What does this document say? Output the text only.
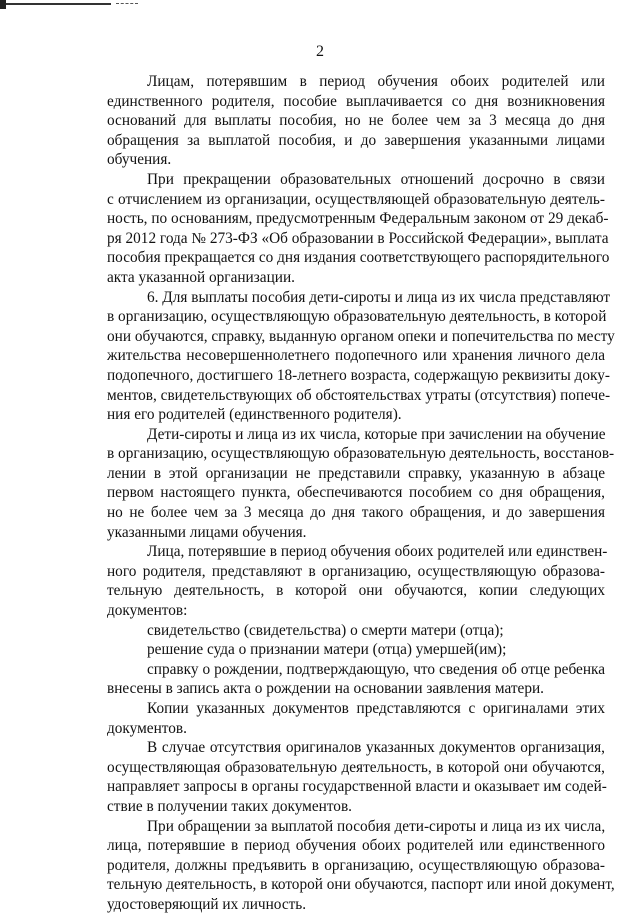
2
Лицам, потерявшим в период обучения обоих родителей или
единственного родителя, пособие выплачивается со дня возникновения
оснований для выплаты пособия, но не более чем за 3 месяца до дня
обращения за выплатой пособия, и до завершения указанными лицами
обучения.
При прекращении образовательных отношений досрочно в связи
с отчислением из организации, осуществляющей образовательную деятель-
ность, по основаниям, предусмотренным Федеральным законом от 29 декаб-
ря 2012 года № 273-ФЗ «Об образовании в Российской Федерации», выплата
пособия прекращается со дня издания соответствующего распорядительного
акта указанной организации.
6. Для выплаты пособия дети-сироты и лица из их числа представляют
в организацию, осуществляющую образовательную деятельность, в которой
они обучаются, справку, выданную органом опеки и попечительства по месту
жительства несовершеннолетнего подопечного или хранения личного дела
подопечного, достигшего 18-летнего возраста, содержащую реквизиты доку-
ментов, свидетельствующих об обстоятельствах утраты (отсутствия) попече-
ния его родителей (единственного родителя).
Дети-сироты и лица из их числа, которые при зачислении на обучение
в организацию, осуществляющую образовательную деятельность, восстанов-
лении в этой организации не представили справку, указанную в абзаце
первом настоящего пункта, обеспечиваются пособием со дня обращения,
но не более чем за 3 месяца до дня такого обращения, и до завершения
указанными лицами обучения.
Лица, потерявшие в период обучения обоих родителей или единствен-
ного родителя, представляют в организацию, осуществляющую образова-
тельную деятельность, в которой они обучаются, копии следующих
документов:
свидетельство (свидетельства) о смерти матери (отца);
решение суда о признании матери (отца) умершей(им);
справку о рождении, подтверждающую, что сведения об отце ребенка
внесены в запись акта о рождении на основании заявления матери.
Копии указанных документов представляются с оригиналами этих
документов.
В случае отсутствия оригиналов указанных документов организация,
осуществляющая образовательную деятельность, в которой они обучаются,
направляет запросы в органы государственной власти и оказывает им содей-
ствие в получении таких документов.
При обращении за выплатой пособия дети-сироты и лица из их числа,
лица, потерявшие в период обучения обоих родителей или единственного
родителя, должны предъявить в организацию, осуществляющую образова-
тельную деятельность, в которой они обучаются, паспорт или иной документ,
удостоверяющий их личность.
